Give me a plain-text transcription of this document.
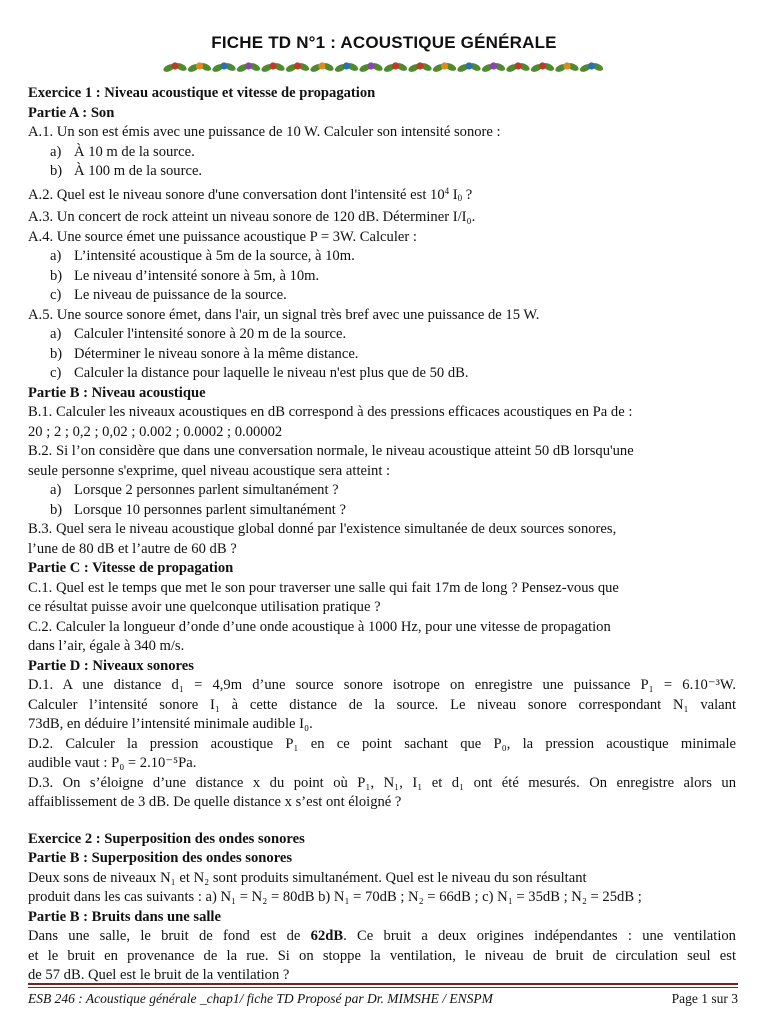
FICHE TD N°1 : ACOUSTIQUE GÉNÉRALE

Exercice 1 : Niveau acoustique et vitesse de propagation

Partie A : Son

A.1. Un son est émis avec une puissance de 10 W. Calculer son intensité sonore :

a) À 10 m de la source.

b) À 100 m de la source.

A.2. Quel est le niveau sonore d'une conversation dont l'intensité est $10^4$ $I_0$ ?

A.3. Un concert de rock atteint un niveau sonore de 120 dB. Déterminer I/I₀.

A.4. Une source émet une puissance acoustique P = 3W. Calculer :

a) L’intensité acoustique à 5m de la source, à 10m.

b) Le niveau d’intensité sonore à 5m, à 10m.

c) Le niveau de puissance de la source.

A.5. Une source sonore émet, dans l'air, un signal très bref avec une puissance de 15 W.

a) Calculer l'intensité sonore à 20 m de la source.

b) Déterminer le niveau sonore à la même distance.

c) Calculer la distance pour laquelle le niveau n'est plus que de 50 dB.

Partie B : Niveau acoustique

B.1. Calculer les niveaux acoustiques en dB correspond à des pressions efficaces acoustiques en Pa de :

20 ; 2 ; 0,2 ; 0,02 ; 0.002 ; 0.0002 ; 0.00002

B.2. Si l’on considère que dans une conversation normale, le niveau acoustique atteint 50 dB lorsqu'une

seule personne s'exprime, quel niveau acoustique sera atteint :

a) Lorsque 2 personnes parlent simultanément ?

b) Lorsque 10 personnes parlent simultanément ?

B.3. Quel sera le niveau acoustique global donné par l'existence simultanée de deux sources sonores,

l’une de 80 dB et l’autre de 60 dB ?

Partie C : Vitesse de propagation

C.1. Quel est le temps que met le son pour traverser une salle qui fait 17m de long ? Pensez-vous que

ce résultat puisse avoir une quelconque utilisation pratique ?

C.2. Calculer la longueur d’onde d’une onde acoustique à 1000 Hz, pour une vitesse de propagation

dans l’air, égale à 340 m/s.

Partie D : Niveaux sonores

D.1. A une distance d₁ = 4,9m d’une source sonore isotrope on enregistre une puissance P₁ = 6.10⁻³W.

Calculer l’intensité sonore I₁ à cette distance de la source. Le niveau sonore correspondant N₁ valant

73dB, en déduire l’intensité minimale audible I₀.

D.2. Calculer la pression acoustique P₁ en ce point sachant que P₀, la pression acoustique minimale

audible vaut : P₀ = 2.10⁻⁵Pa.

D.3. On s’éloigne d’une distance x du point où P₁, N₁, I₁ et d₁ ont été mesurés. On enregistre alors un

affaiblissement de 3 dB. De quelle distance x s’est ont éloigné ?

Exercice 2 : Superposition des ondes sonores

Partie B : Superposition des ondes sonores

Deux sons de niveaux N₁ et N₂ sont produits simultanément. Quel est le niveau du son résultant

produit dans les cas suivants : a) N₁ = N₂ = 80dB b) N₁ = 70dB ; N₂ = 66dB ; c) N₁ = 35dB ; N₂ = 25dB ;

Partie B : Bruits dans une salle

Dans une salle, le bruit de fond est de 62dB. Ce bruit a deux origines indépendantes : une ventilation

et le bruit en provenance de la rue. Si on stoppe la ventilation, le niveau de bruit de circulation seul est

de 57 dB. Quel est le bruit de la ventilation ?

ESB 246 : Acoustique générale _chap1/ fiche TD Proposé par Dr. MIMSHE / ENSPM	Page 1 sur 3
